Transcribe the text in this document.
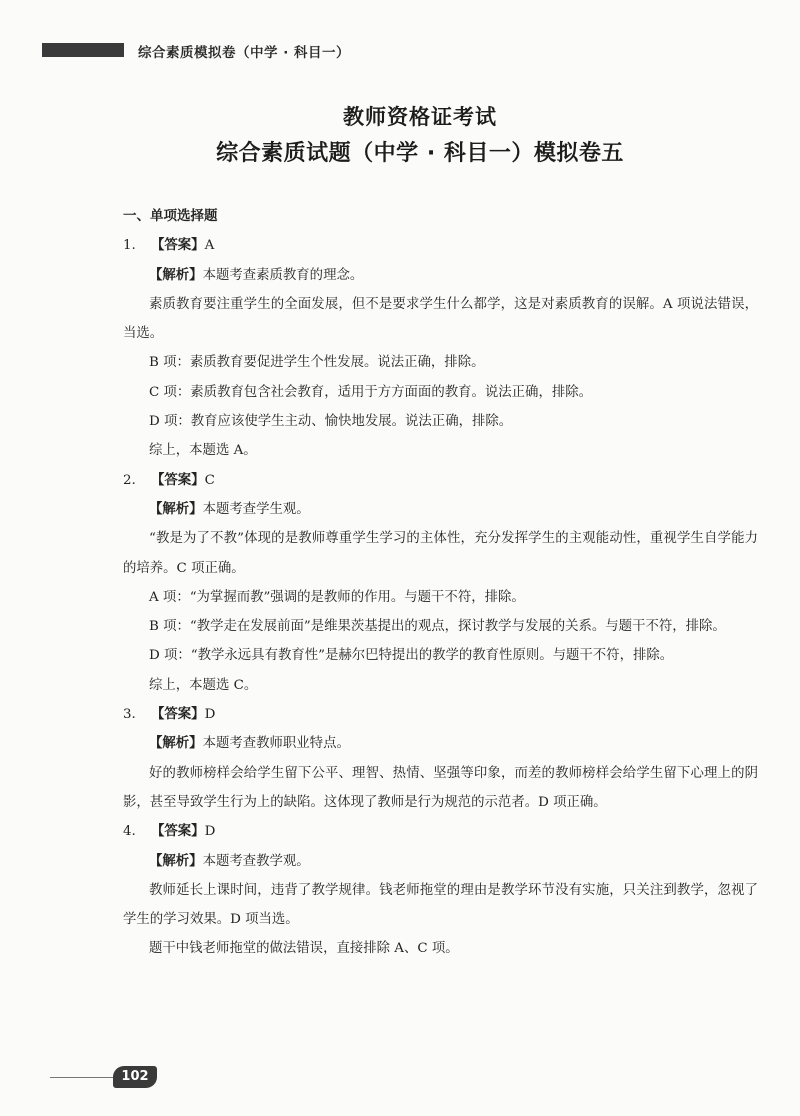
综合素质模拟卷（中学 · 科目一）
教师资格证考试
综合素质试题（中学 · 科目一）模拟卷五
一、单项选择题
1. 【答案】A
【解析】本题考查素质教育的理念。
素质教育要注重学生的全面发展，但不是要求学生什么都学，这是对素质教育的误解。A 项说法错误，当选。
B 项：素质教育要促进学生个性发展。说法正确，排除。
C 项：素质教育包含社会教育，适用于方方面面的教育。说法正确，排除。
D 项：教育应该使学生主动、愉快地发展。说法正确，排除。
综上，本题选 A。
2. 【答案】C
【解析】本题考查学生观。
“教是为了不教”体现的是教师尊重学生学习的主体性，充分发挥学生的主观能动性，重视学生自学能力的培养。C 项正确。
A 项：“为掌握而教”强调的是教师的作用。与题干不符，排除。
B 项：“教学走在发展前面”是维果茨基提出的观点，探讨教学与发展的关系。与题干不符，排除。
D 项：“教学永远具有教育性”是赫尔巴特提出的教学的教育性原则。与题干不符，排除。
综上，本题选 C。
3. 【答案】D
【解析】本题考查教师职业特点。
好的教师榜样会给学生留下公平、理智、热情、坚强等印象，而差的教师榜样会给学生留下心理上的阴影，甚至导致学生行为上的缺陷。这体现了教师是行为规范的示范者。D 项正确。
4. 【答案】D
【解析】本题考查教学观。
教师延长上课时间，违背了教学规律。钱老师拖堂的理由是教学环节没有实施，只关注到教学，忽视了学生的学习效果。D 项当选。
题干中钱老师拖堂的做法错误，直接排除 A、C 项。
102
